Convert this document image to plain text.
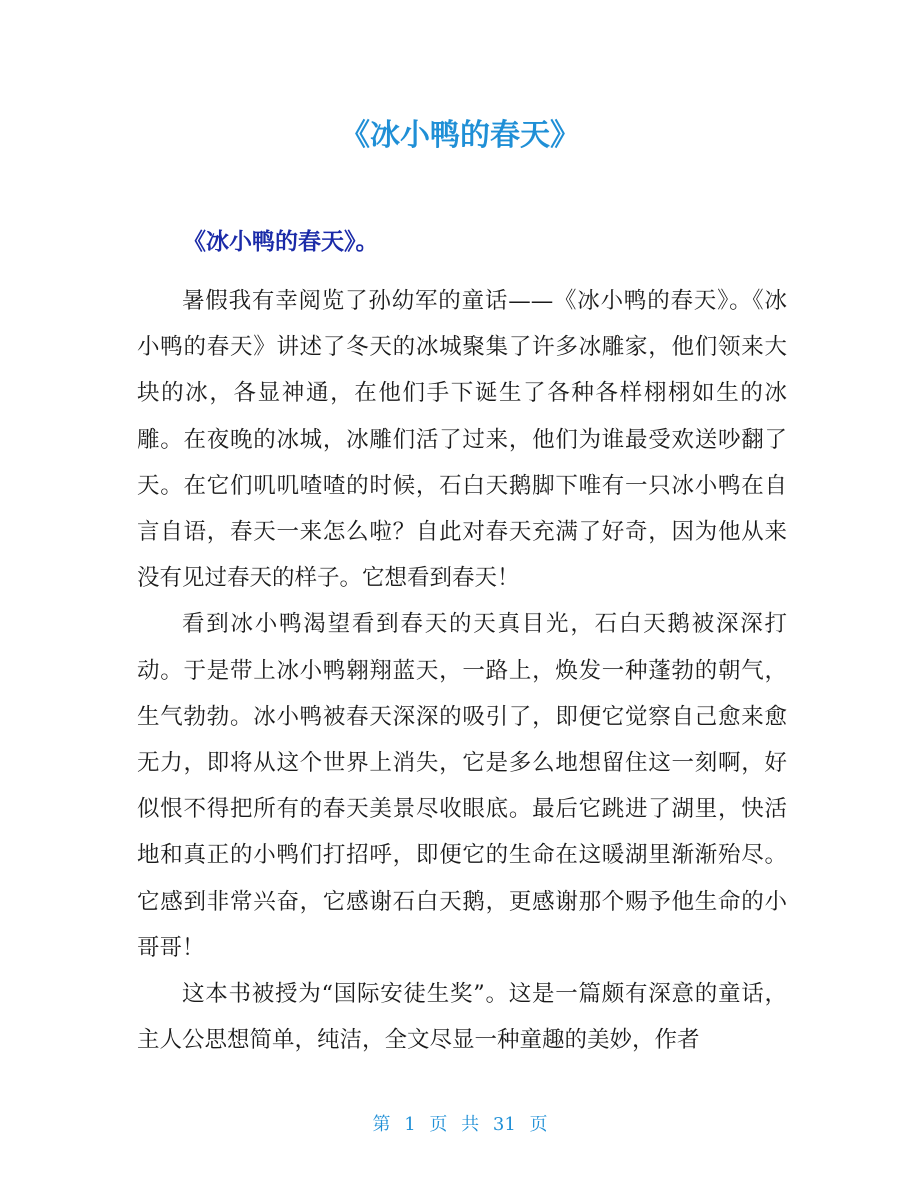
《冰小鸭的春天》
《冰小鸭的春天》。

暑假我有幸阅览了孙幼军的童话——《冰小鸭的春天》。《冰小鸭的春天》讲述了冬天的冰城聚集了许多冰雕家，他们领来大块的冰，各显神通，在他们手下诞生了各种各样栩栩如生的冰雕。在夜晚的冰城，冰雕们活了过来，他们为谁最受欢送吵翻了天。在它们叽叽喳喳的时候，石白天鹅脚下唯有一只冰小鸭在自言自语，春天一来怎么啦？自此对春天充满了好奇，因为他从来没有见过春天的样子。它想看到春天！

看到冰小鸭渴望看到春天的天真目光，石白天鹅被深深打动。于是带上冰小鸭翱翔蓝天，一路上，焕发一种蓬勃的朝气，生气勃勃。冰小鸭被春天深深的吸引了，即便它觉察自己愈来愈无力，即将从这个世界上消失，它是多么地想留住这一刻啊，好似恨不得把所有的春天美景尽收眼底。最后它跳进了湖里，快活地和真正的小鸭们打招呼，即便它的生命在这暖湖里渐渐殆尽。它感到非常兴奋，它感谢石白天鹅，更感谢那个赐予他生命的小哥哥！

这本书被授为“国际安徒生奖”。这是一篇颇有深意的童话，主人公思想简单，纯洁，全文尽显一种童趣的美妙，作者

第 1 页 共 31 页
